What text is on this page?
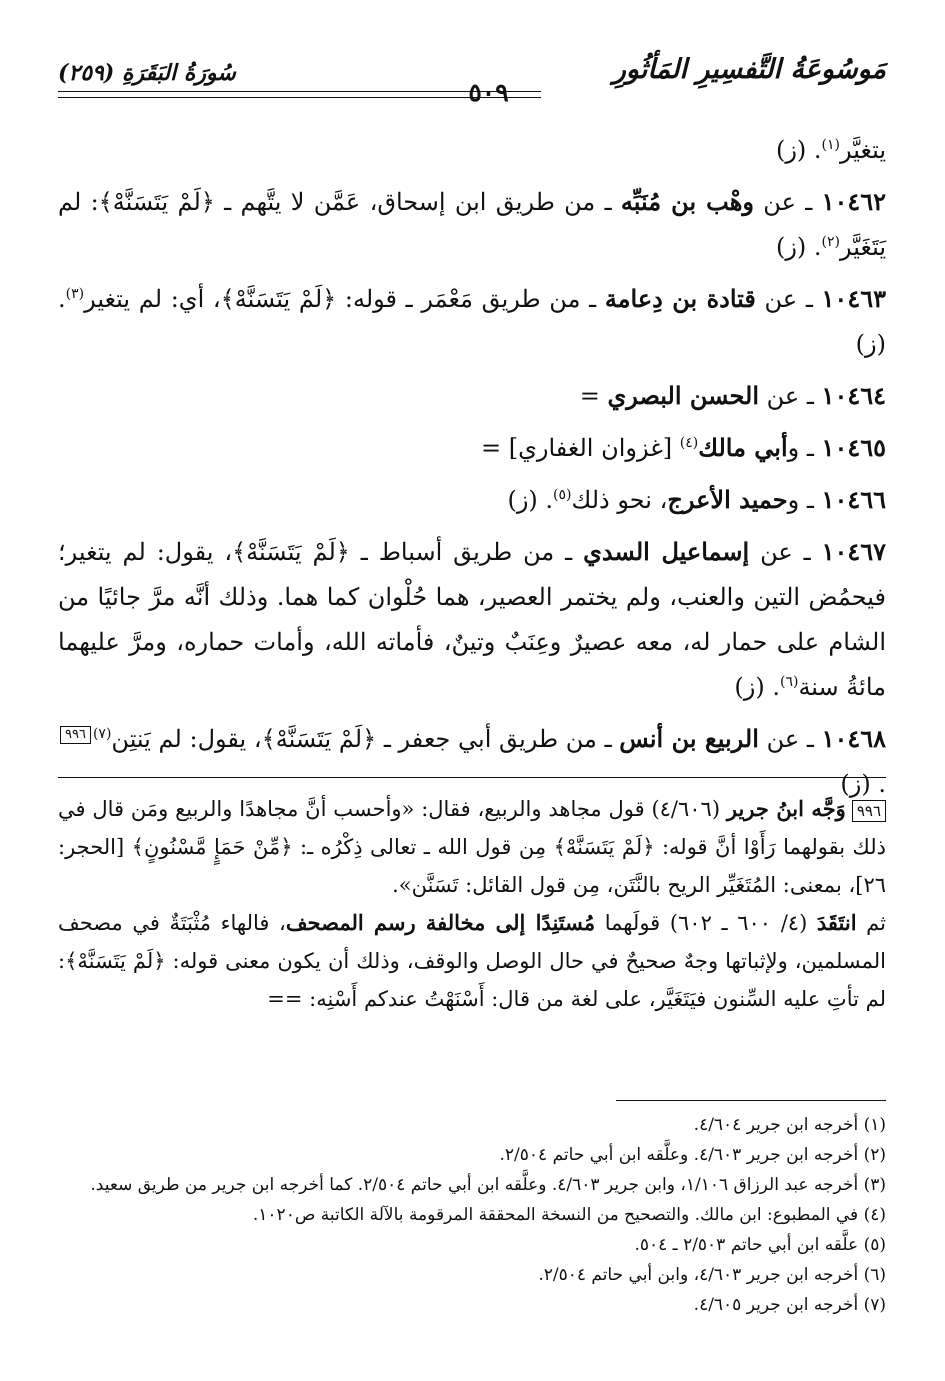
مَوسُوعَةُ التَّفسِيرِ المَأثُورِ
٥٠٩
سُورَةُ البَقَرَةِ (٢٥٩)

يتغيَّر$^{(١)}$. (ز)

١٠٤٦٢ ـ عن وهْب بن مُنَبِّه ـ من طريق ابن إسحاق، عَمَّن لا يتَّهم ـ ﴿لَمْ يَتَسَنَّهْ﴾: لم يَتَغَيَّر$^{(٢)}$. (ز)

١٠٤٦٣ ـ عن قتادة بن دِعامة ـ من طريق مَعْمَر ـ قوله: ﴿لَمْ يَتَسَنَّهْ﴾، أي: لم يتغير$^{(٣)}$. (ز)

١٠٤٦٤ ـ عن الحسن البصري =

١٠٤٦٥ ـ وأبي مالك$^{(٤)}$ [غزوان الغفاري] =

١٠٤٦٦ ـ وحميد الأعرج، نحو ذلك$^{(٥)}$. (ز)

١٠٤٦٧ ـ عن إسماعيل السدي ـ من طريق أسباط ـ ﴿لَمْ يَتَسَنَّهْ﴾، يقول: لم يتغير؛ فيحمُض التين والعنب، ولم يختمر العصير، هما حُلْوان كما هما. وذلك أنَّه مرَّ جائيًا من الشام على حمار له، معه عصيرٌ وعِنَبٌ وتينٌ، فأماته الله، وأمات حماره، ومرَّ عليهما مائةُ سنة$^{(٦)}$. (ز)

١٠٤٦٨ ـ عن الربيع بن أنس ـ من طريق أبي جعفر ـ ﴿لَمْ يَتَسَنَّهْ﴾، يقول: لم يَنتِن$^{(٧)}$٩٩٦. (ز)

٩٩٦وَجَّه ابنُ جرير (٤/٦٠٦) قول مجاهد والربيع، فقال: «وأحسب أنَّ مجاهدًا والربيع ومَن قال في ذلك بقولهما رَأَوْا أنَّ قوله: ﴿لَمْ يَتَسَنَّهْ﴾ مِن قول الله ـ تعالى ذِكْرُه ـ: ﴿مِّنْ حَمَإٍ مَّسْنُونٍ﴾ [الحجر: ٢٦]، بمعنى: المُتَغَيِّر الريح بالنَّتَن، مِن قول القائل: تَسَنَّن».

ثم انتَقَدَ (٤/ ٦٠٠ ـ ٦٠٢) قولَهما مُستَنِدًا إلى مخالفة رسم المصحف، فالهاء مُثْبَتَةٌ في مصحف المسلمين، ولإثباتها وجهٌ صحيحٌ في حال الوصل والوقف، وذلك أن يكون معنى قوله: ﴿لَمْ يَتَسَنَّهْ﴾: لم تأتِ عليه السِّنون فيَتَغَيَّر، على لغة من قال: أَسْنَهْتُ عندكم أَسْنِه: ==

(١) أخرجه ابن جرير ٤/٦٠٤.

(٢) أخرجه ابن جرير ٤/٦٠٣. وعلَّقه ابن أبي حاتم ٢/٥٠٤.

(٣) أخرجه عبد الرزاق ١/١٠٦، وابن جرير ٤/٦٠٣. وعلَّقه ابن أبي حاتم ٢/٥٠٤. كما أخرجه ابن جرير من طريق سعيد.

(٤) في المطبوع: ابن مالك. والتصحيح من النسخة المحققة المرقومة بالآلة الكاتبة ص١٠٢٠.

(٥) علَّقه ابن أبي حاتم ٢/٥٠٣ ـ ٥٠٤.

(٦) أخرجه ابن جرير ٤/٦٠٣، وابن أبي حاتم ٢/٥٠٤.

(٧) أخرجه ابن جرير ٤/٦٠٥.
